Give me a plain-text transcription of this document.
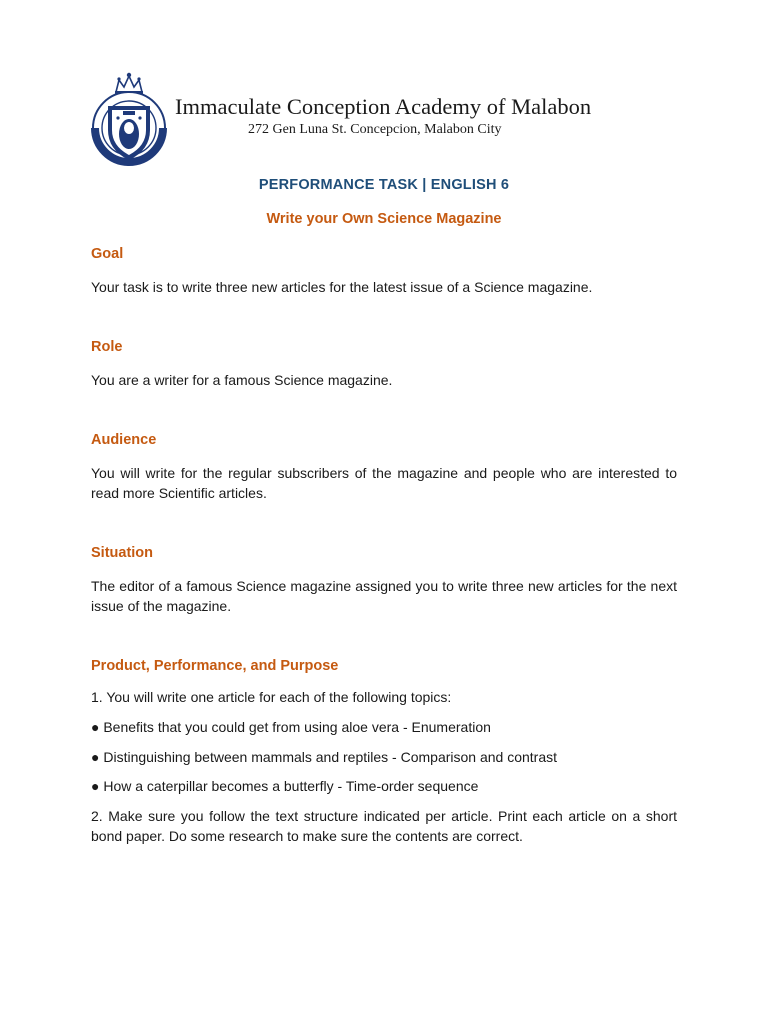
Immaculate Conception Academy of Malabon
272 Gen Luna St. Concepcion, Malabon City
PERFORMANCE TASK | ENGLISH 6
Write your Own Science Magazine
Goal
Your task is to write three new articles for the latest issue of a Science magazine.
Role
You are a writer for a famous Science magazine.
Audience
You will write for the regular subscribers of the magazine and people who are interested to read more Scientific articles.
Situation
The editor of a famous Science magazine assigned you to write three new articles for the next issue of the magazine.
Product, Performance, and Purpose
1. You will write one article for each of the following topics:
● Benefits that you could get from using aloe vera - Enumeration
● Distinguishing between mammals and reptiles - Comparison and contrast
● How a caterpillar becomes a butterfly - Time-order sequence
2. Make sure you follow the text structure indicated per article. Print each article on a short bond paper. Do some research to make sure the contents are correct.
